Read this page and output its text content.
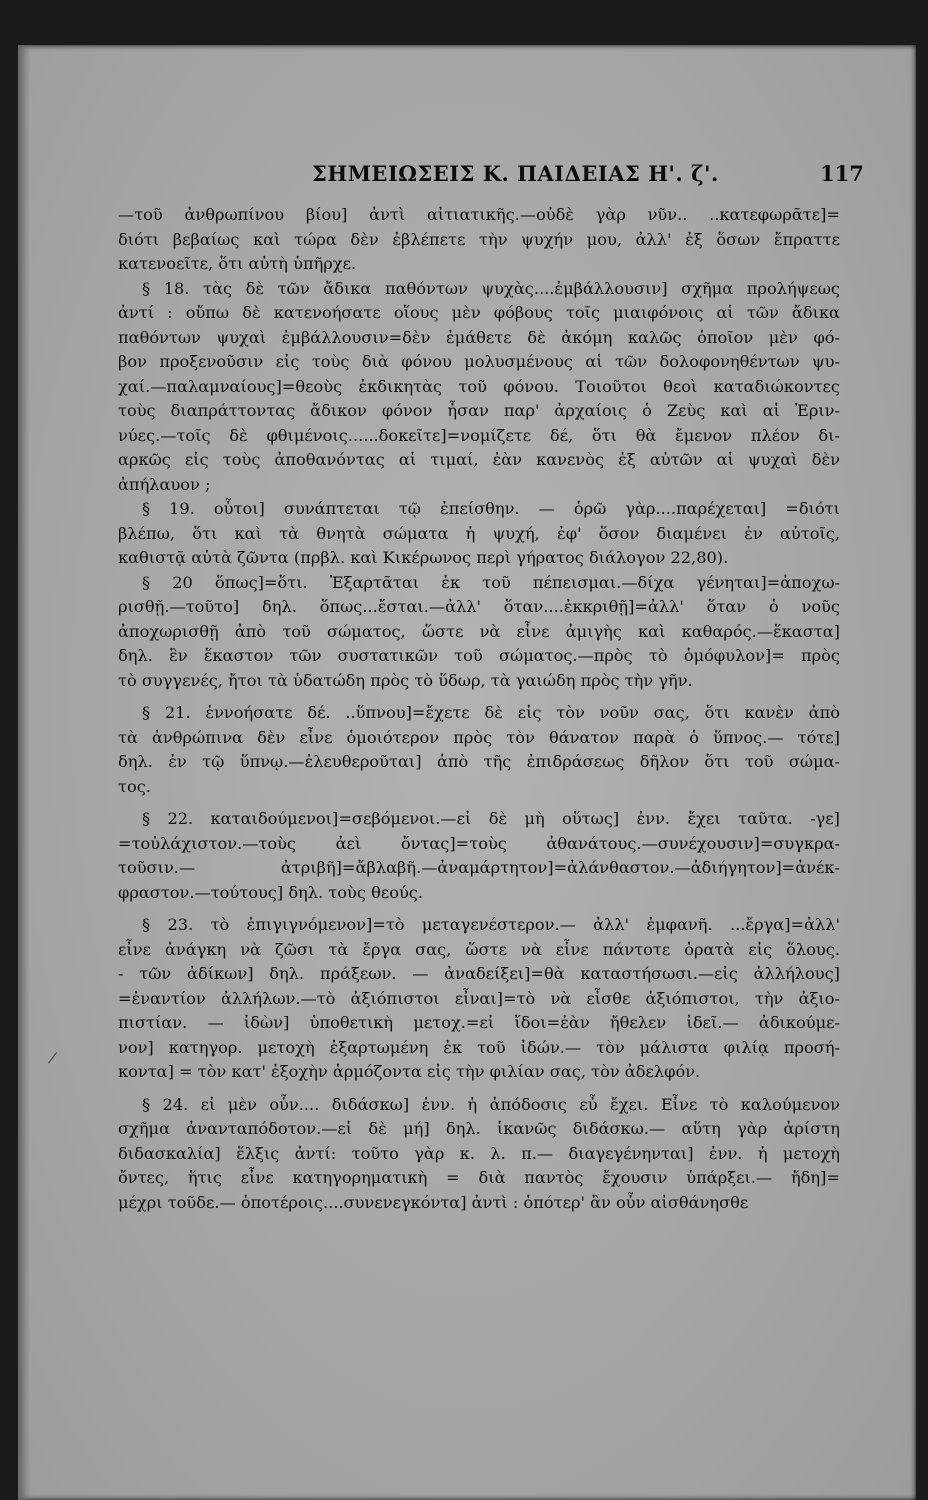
ΣΗΜΕΙΩΣΕΙΣ Κ. ΠΑΙΔΕΙΑΣ Η'. ζ'.	117
/
—τοῦ ἀνθρωπίνου βίου] ἀντὶ αἰτιατικῆς.—οὐδὲ γὰρ νῦν.. ..κατεφωρᾶτε]=
διότι βεβαίως καὶ τώρα δὲν ἐβλέπετε τὴν ψυχήν μου, ἀλλ' ἐξ ὅσων ἔπραττε
κατενοεῖτε, ὅτι αὐτὴ ὑπῆρχε.
§ 18. τὰς δὲ τῶν ἄδικα παθόντων ψυχὰς....ἐμβάλλουσιν] σχῆμα προλήψεως
ἀντί : οὔπω δὲ κατενοήσατε οἵους μὲν φόβους τοῖς μιαιφόνοις αἱ τῶν ἄδικα
παθόντων ψυχαὶ ἐμβάλλουσιν=δὲν ἐμάθετε δὲ ἀκόμη καλῶς ὁποῖον μὲν φό-
βον προξενοῦσιν εἰς τοὺς διὰ φόνου μολυσμένους αἱ τῶν δολοφονηθέντων ψυ-
χαί.—παλαμναίους]=θεοὺς ἐκδικητὰς τοῦ φόνου. Τοιοῦτοι θεοὶ καταδιώκοντες
τοὺς διαπράττοντας ἄδικον φόνον ἦσαν παρ' ἀρχαίοις ὁ Ζεὺς καὶ αἱ Ἐριν-
νύες.—τοῖς δὲ φθιμένοις......δοκεῖτε]=νομίζετε δέ, ὅτι θὰ ἔμενον πλέον δι-
αρκῶς εἰς τοὺς ἀποθανόντας αἱ τιμαί, ἐὰν κανενὸς ἐξ αὐτῶν αἱ ψυχαὶ δὲν
ἀπήλαυον ;
§ 19. οὗτοι] συνάπτεται τῷ ἐπείσθην. — ὁρῶ γὰρ....παρέχεται] =διότι
βλέπω, ὅτι καὶ τὰ θνητὰ σώματα ἡ ψυχή, ἐφ' ὅσον διαμένει ἐν αὐτοῖς,
καθιστᾷ αὐτὰ ζῶντα (πρβλ. καὶ Κικέρωνος περὶ γήρατος διάλογον 22,80).
§ 20 ὅπως]=ὅτι. Ἐξαρτᾶται ἐκ τοῦ πέπεισμαι.—δίχα γένηται]=ἀποχω-
ρισθῇ.—τοῦτο] δηλ. ὅπως...ἔσται.—ἀλλ' ὅταν....ἐκκριθῇ]=ἀλλ' ὅταν ὁ νοῦς
ἀποχωρισθῇ ἀπὸ τοῦ σώματος, ὥστε νὰ εἶνε ἀμιγὴς καὶ καθαρός.—ἕκαστα]
δηλ. ἓν ἕκαστον τῶν συστατικῶν τοῦ σώματος.—πρὸς τὸ ὁμόφυλον]= πρὸς
τὸ συγγενές, ἤτοι τὰ ὑδατώδη πρὸς τὸ ὕδωρ, τὰ γαιώδη πρὸς τὴν γῆν.
§ 21. ἐννοήσατε δέ. ..ὕπνου]=ἔχετε δὲ εἰς τὸν νοῦν σας, ὅτι κανὲν ἀπὸ
τὰ ἀνθρώπινα δὲν εἶνε ὁμοιότερον πρὸς τὸν θάνατον παρὰ ὁ ὕπνος.— τότε]
δηλ. ἐν τῷ ὕπνῳ.—ἐλευθεροῦται] ἀπὸ τῆς ἐπιδράσεως δῆλον ὅτι τοῦ σώμα-
τος.
§ 22. καταιδούμενοι]=σεβόμενοι.—εἰ δὲ μὴ οὕτως] ἐνν. ἔχει ταῦτα. -γε]
=τοὐλάχιστον.—τοὺς ἀεὶ ὄντας]=τοὺς ἀθανάτους.—συνέχουσιν]=συγκρα-
τοῦσιν.— ἀτριβῆ]=ἄβλαβῆ.—ἀναμάρτητον]=ἀλάνθαστον.—ἀδιήγητον]=ἀνέκ-
φραστον.—τούτους] δηλ. τοὺς θεούς.
§ 23. τὸ ἐπιγιγνόμενον]=τὸ μεταγενέστερον.— ἀλλ' ἐμφανῆ. ...ἔργα]=ἀλλ'
εἶνε ἀνάγκη νὰ ζῶσι τὰ ἔργα σας, ὥστε νὰ εἶνε πάντοτε ὁρατὰ εἰς ὅλους.
- τῶν ἀδίκων] δηλ. πράξεων. — ἀναδείξει]=θὰ καταστήσωσι.—εἰς ἀλλήλους]
=ἐναντίον ἀλλήλων.—τὸ ἀξιόπιστοι εἶναι]=τὸ νὰ εἶσθε ἀξιόπιστοι, τὴν ἀξιο-
πιστίαν. — ἰδὼν] ὑποθετικὴ μετοχ.=εἰ ἴδοι=ἐὰν ἤθελεν ἰδεῖ.— ἀδικούμε-
νον] κατηγορ. μετοχὴ ἐξαρτωμένη ἐκ τοῦ ἰδών.— τὸν μάλιστα φιλίᾳ προσή-
κοντα] = τὸν κατ' ἐξοχὴν ἁρμόζοντα εἰς τὴν φιλίαν σας, τὸν ἀδελφόν.
§ 24. εἰ μὲν οὖν.... διδάσκω] ἐνν. ἡ ἀπόδοσις εὖ ἔχει. Εἶνε τὸ καλούμενον
σχῆμα ἀνανταπόδοτον.—εἰ δὲ μή] δηλ. ἱκανῶς διδάσκω.— αὕτη γὰρ ἀρίστη
διδασκαλία] ἕλξις ἀντί: τοῦτο γὰρ κ. λ. π.— διαγεγένηνται] ἐνν. ἡ μετοχὴ
ὄντες, ἥτις εἶνε κατηγορηματικὴ = διὰ παντὸς ἔχουσιν ὑπάρξει.— ἤδη]=
μέχρι τοῦδε.— ὁποτέροις....συνενεγκόντα] ἀντὶ : ὁπότερ' ἂν οὖν αἰσθάνησθε
